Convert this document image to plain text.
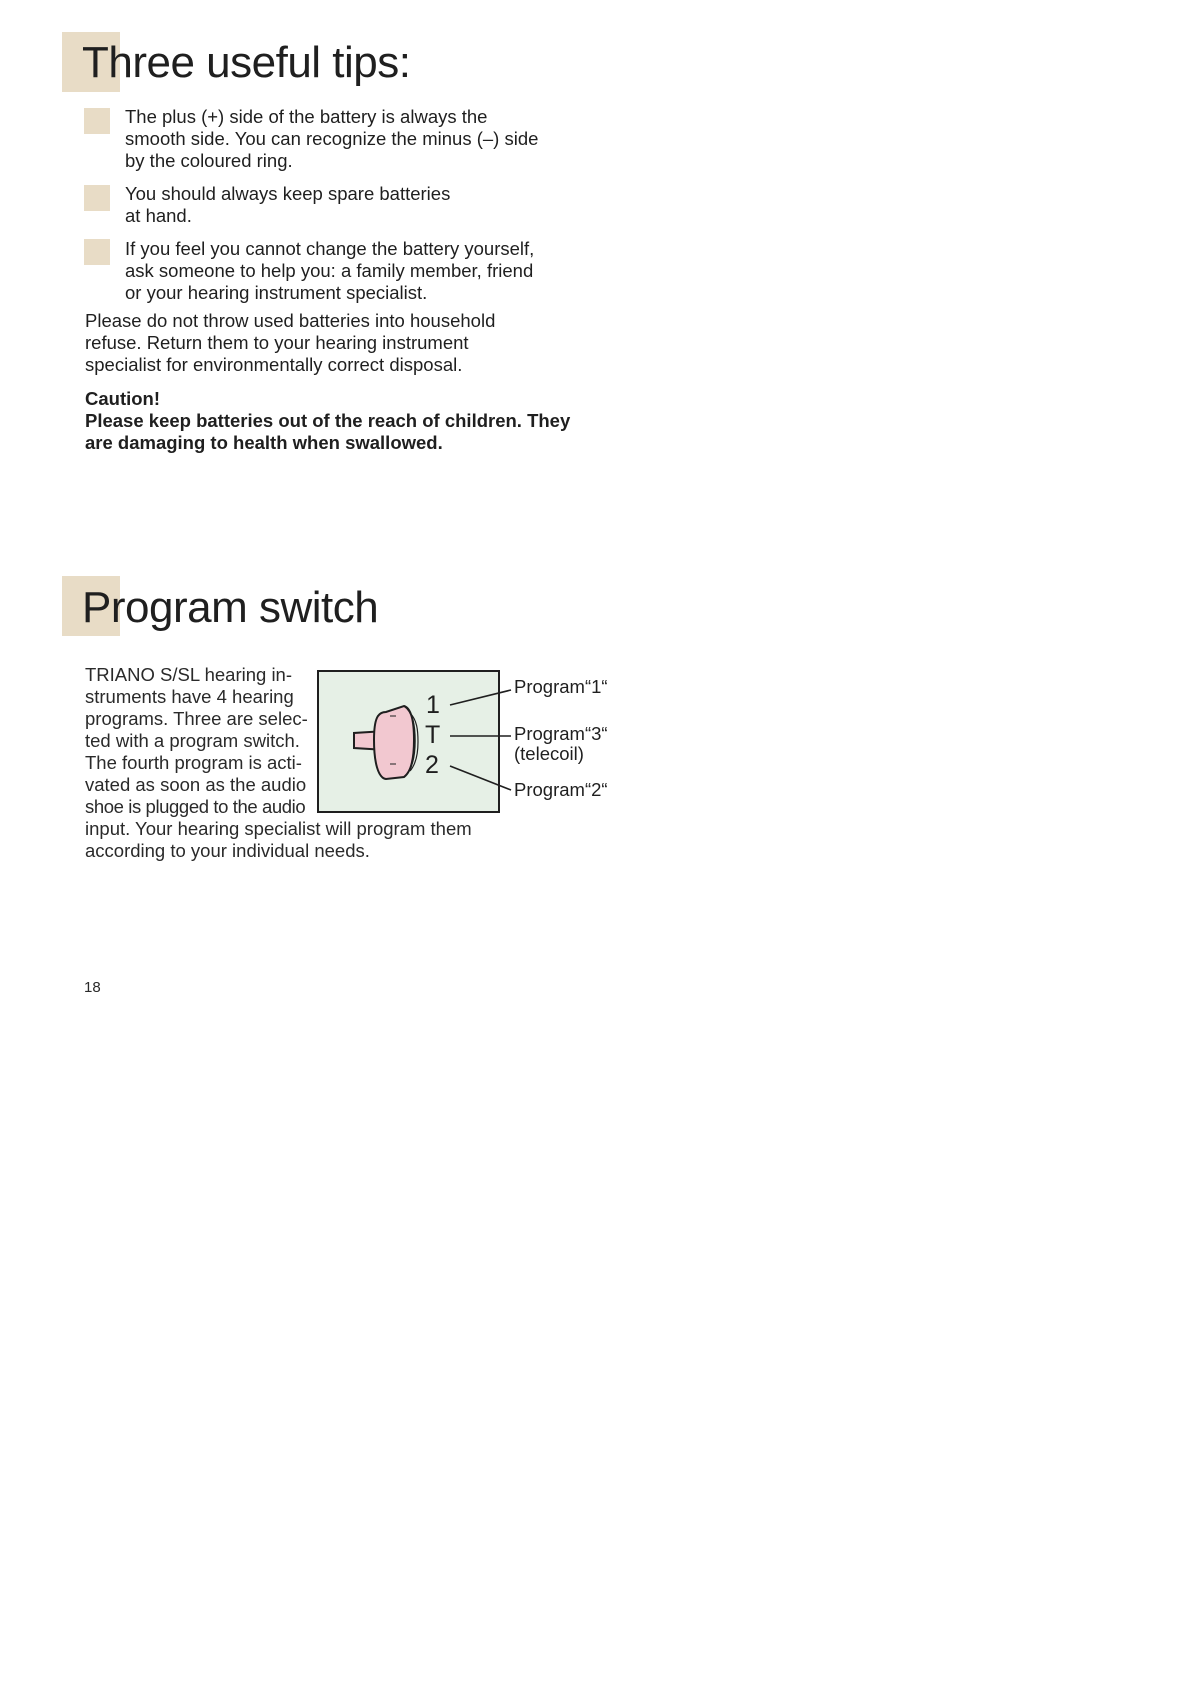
Three useful tips:

The plus (+) side of the battery is always the
smooth side. You can recognize the minus (–) side
by the coloured ring.

You should always keep spare batteries
at hand.

If you feel you cannot change the battery yourself,
ask someone to help you: a family member, friend
or your hearing instrument specialist.

Please do not throw used batteries into household
refuse. Return them to your hearing instrument
specialist for environmentally correct disposal.

Caution!
Please keep batteries out of the reach of children. They
are damaging to health when swallowed.

Program switch
TRIANO S/SL hearing in-
struments have 4 hearing
programs. Three are selec-
ted with a program switch.
The fourth program is acti-
vated as soon as the audio
shoe is plugged to the audio
input. Your hearing specialist will program them
according to your individual needs.
1
T
2
Program“1“
Program“3“
(telecoil)
Program“2“
18
